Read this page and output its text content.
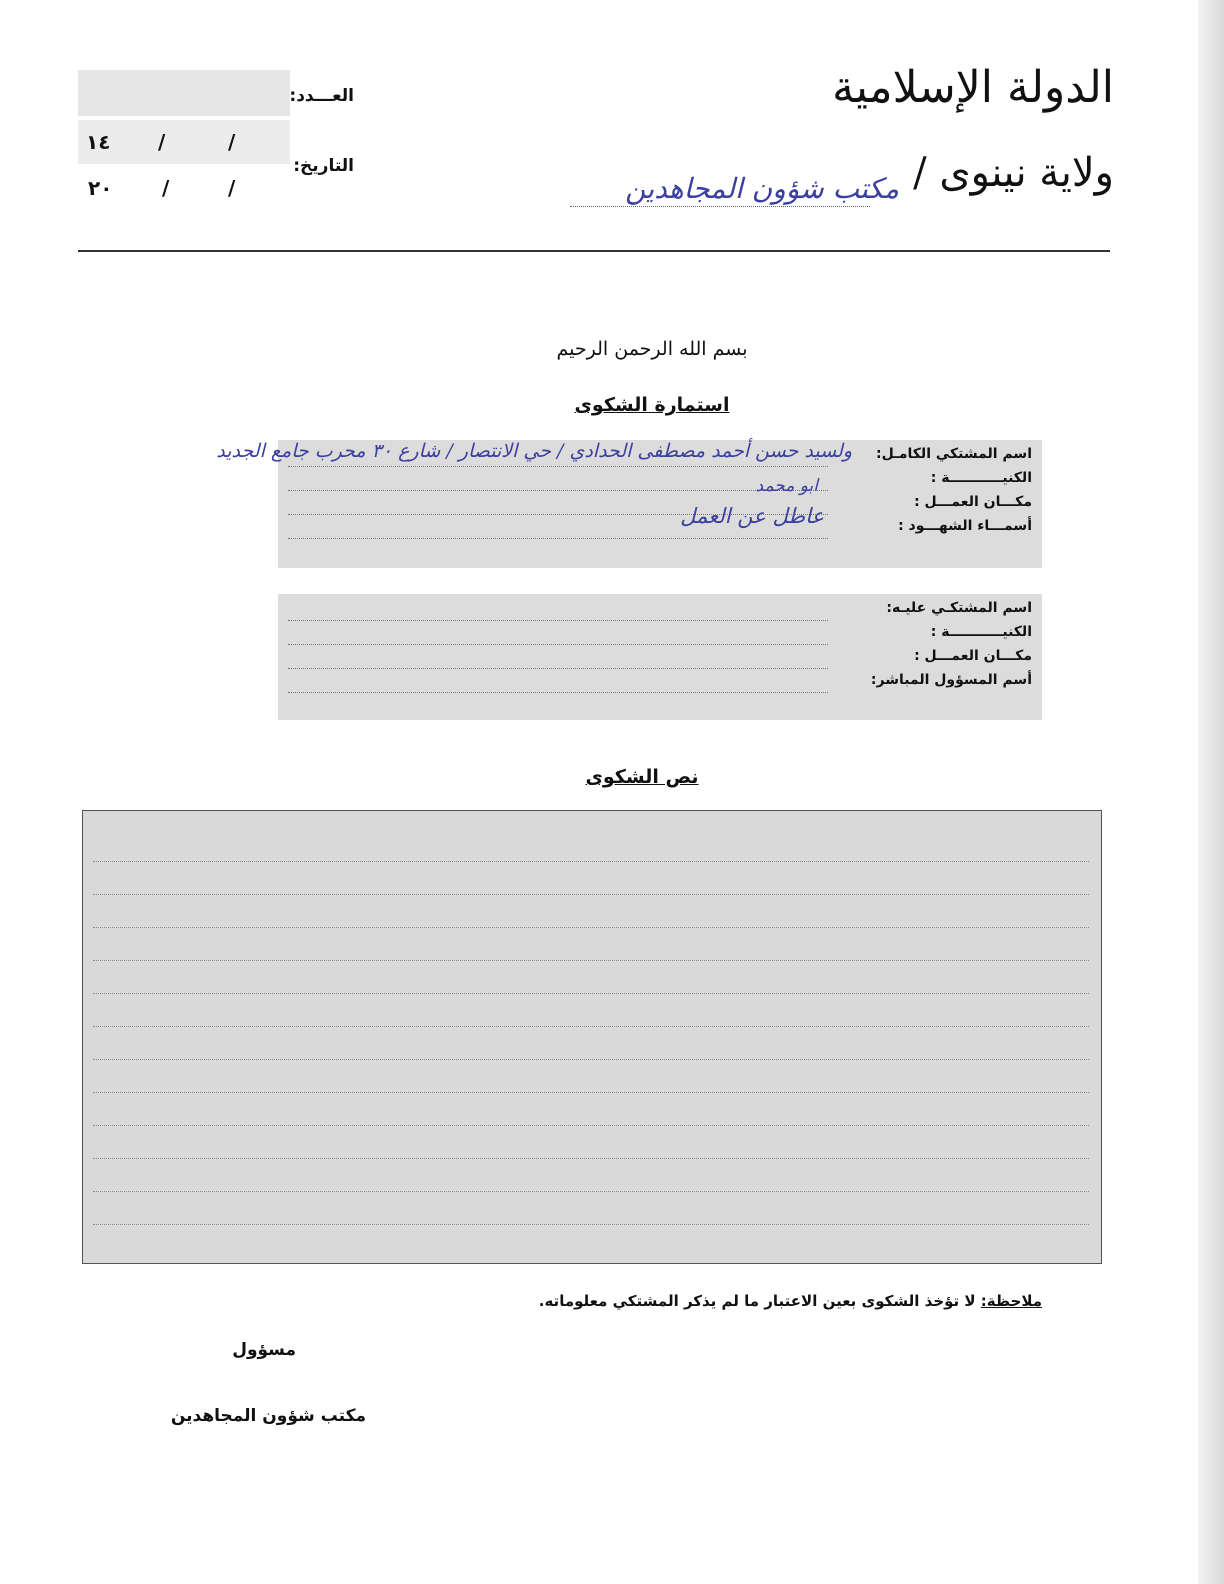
الدولة الإسلامية
ولاية نينوى /
مكتب شؤون المجاهدين
العـــدد:
التاريخ:
١٤ /	/
٢٠ /	/
بسم الله الرحمن الرحيم
استمارة الشكوى
اسم المشتكي الكامـل:
الكنيـــــــــــة :
مكـــان العمـــل :
أسمـــاء الشهـــود :
ولسيد حسن أحمد مصطفى الحدادي / حي الانتصار / شارع ٣٠ محرب جامع الجديد
ابو محمد
عاطل عن العمل
اسم المشتكـي عليـه:
الكنيـــــــــــة :
مكـــان العمـــل :
أسم المسؤول المباشر:
نص الشكوى
ملاحظة: لا تؤخذ الشكوى بعين الاعتبار ما لم يذكر المشتكي معلوماته.
مسؤول
مكتب شؤون المجاهدين
